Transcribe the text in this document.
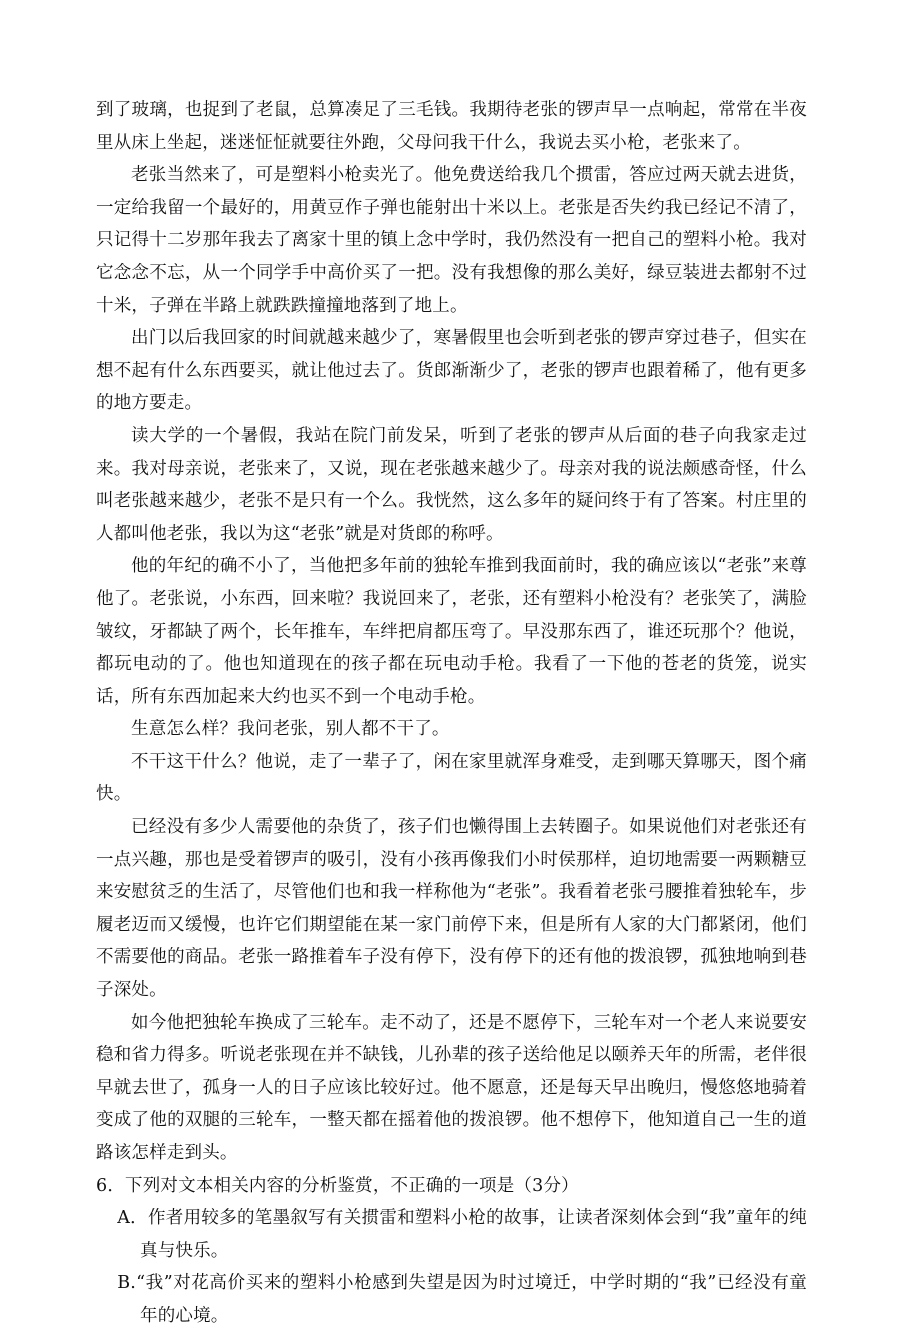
到了玻璃，也捉到了老鼠，总算凑足了三毛钱。我期待老张的锣声早一点响起，常常在半夜里从床上坐起，迷迷怔怔就要往外跑，父母问我干什么，我说去买小枪，老张来了。

老张当然来了，可是塑料小枪卖光了。他免费送给我几个掼雷，答应过两天就去进货，一定给我留一个最好的，用黄豆作子弹也能射出十米以上。老张是否失约我已经记不清了，只记得十二岁那年我去了离家十里的镇上念中学时，我仍然没有一把自己的塑料小枪。我对它念念不忘，从一个同学手中高价买了一把。没有我想像的那么美好，绿豆装进去都射不过十米，子弹在半路上就跌跌撞撞地落到了地上。

出门以后我回家的时间就越来越少了，寒暑假里也会听到老张的锣声穿过巷子，但实在想不起有什么东西要买，就让他过去了。货郎渐渐少了，老张的锣声也跟着稀了，他有更多的地方要走。

读大学的一个暑假，我站在院门前发呆，听到了老张的锣声从后面的巷子向我家走过来。我对母亲说，老张来了，又说，现在老张越来越少了。母亲对我的说法颇感奇怪，什么叫老张越来越少，老张不是只有一个么。我恍然，这么多年的疑问终于有了答案。村庄里的人都叫他老张，我以为这“老张”就是对货郎的称呼。

他的年纪的确不小了，当他把多年前的独轮车推到我面前时，我的确应该以“老张”来尊他了。老张说，小东西，回来啦？我说回来了，老张，还有塑料小枪没有？老张笑了，满脸皱纹，牙都缺了两个，长年推车，车绊把肩都压弯了。早没那东西了，谁还玩那个？他说，都玩电动的了。他也知道现在的孩子都在玩电动手枪。我看了一下他的苍老的货笼，说实话，所有东西加起来大约也买不到一个电动手枪。

生意怎么样？我问老张，别人都不干了。

不干这干什么？他说，走了一辈子了，闲在家里就浑身难受，走到哪天算哪天，图个痛快。

已经没有多少人需要他的杂货了，孩子们也懒得围上去转圈子。如果说他们对老张还有一点兴趣，那也是受着锣声的吸引，没有小孩再像我们小时侯那样，迫切地需要一两颗糖豆来安慰贫乏的生活了，尽管他们也和我一样称他为“老张”。我看着老张弓腰推着独轮车，步履老迈而又缓慢，也许它们期望能在某一家门前停下来，但是所有人家的大门都紧闭，他们不需要他的商品。老张一路推着车子没有停下，没有停下的还有他的拨浪锣，孤独地响到巷子深处。

如今他把独轮车换成了三轮车。走不动了，还是不愿停下，三轮车对一个老人来说要安稳和省力得多。听说老张现在并不缺钱，儿孙辈的孩子送给他足以颐养天年的所需，老伴很早就去世了，孤身一人的日子应该比较好过。他不愿意，还是每天早出晚归，慢悠悠地骑着变成了他的双腿的三轮车，一整天都在摇着他的拨浪锣。他不想停下，他知道自己一生的道路该怎样走到头。

6．下列对文本相关内容的分析鉴赏，不正确的一项是（3分）

A．作者用较多的笔墨叙写有关掼雷和塑料小枪的故事，让读者深刻体会到“我”童年的纯真与快乐。

B.“我”对花高价买来的塑料小枪感到失望是因为时过境迁，中学时期的“我”已经没有童年的心境。
